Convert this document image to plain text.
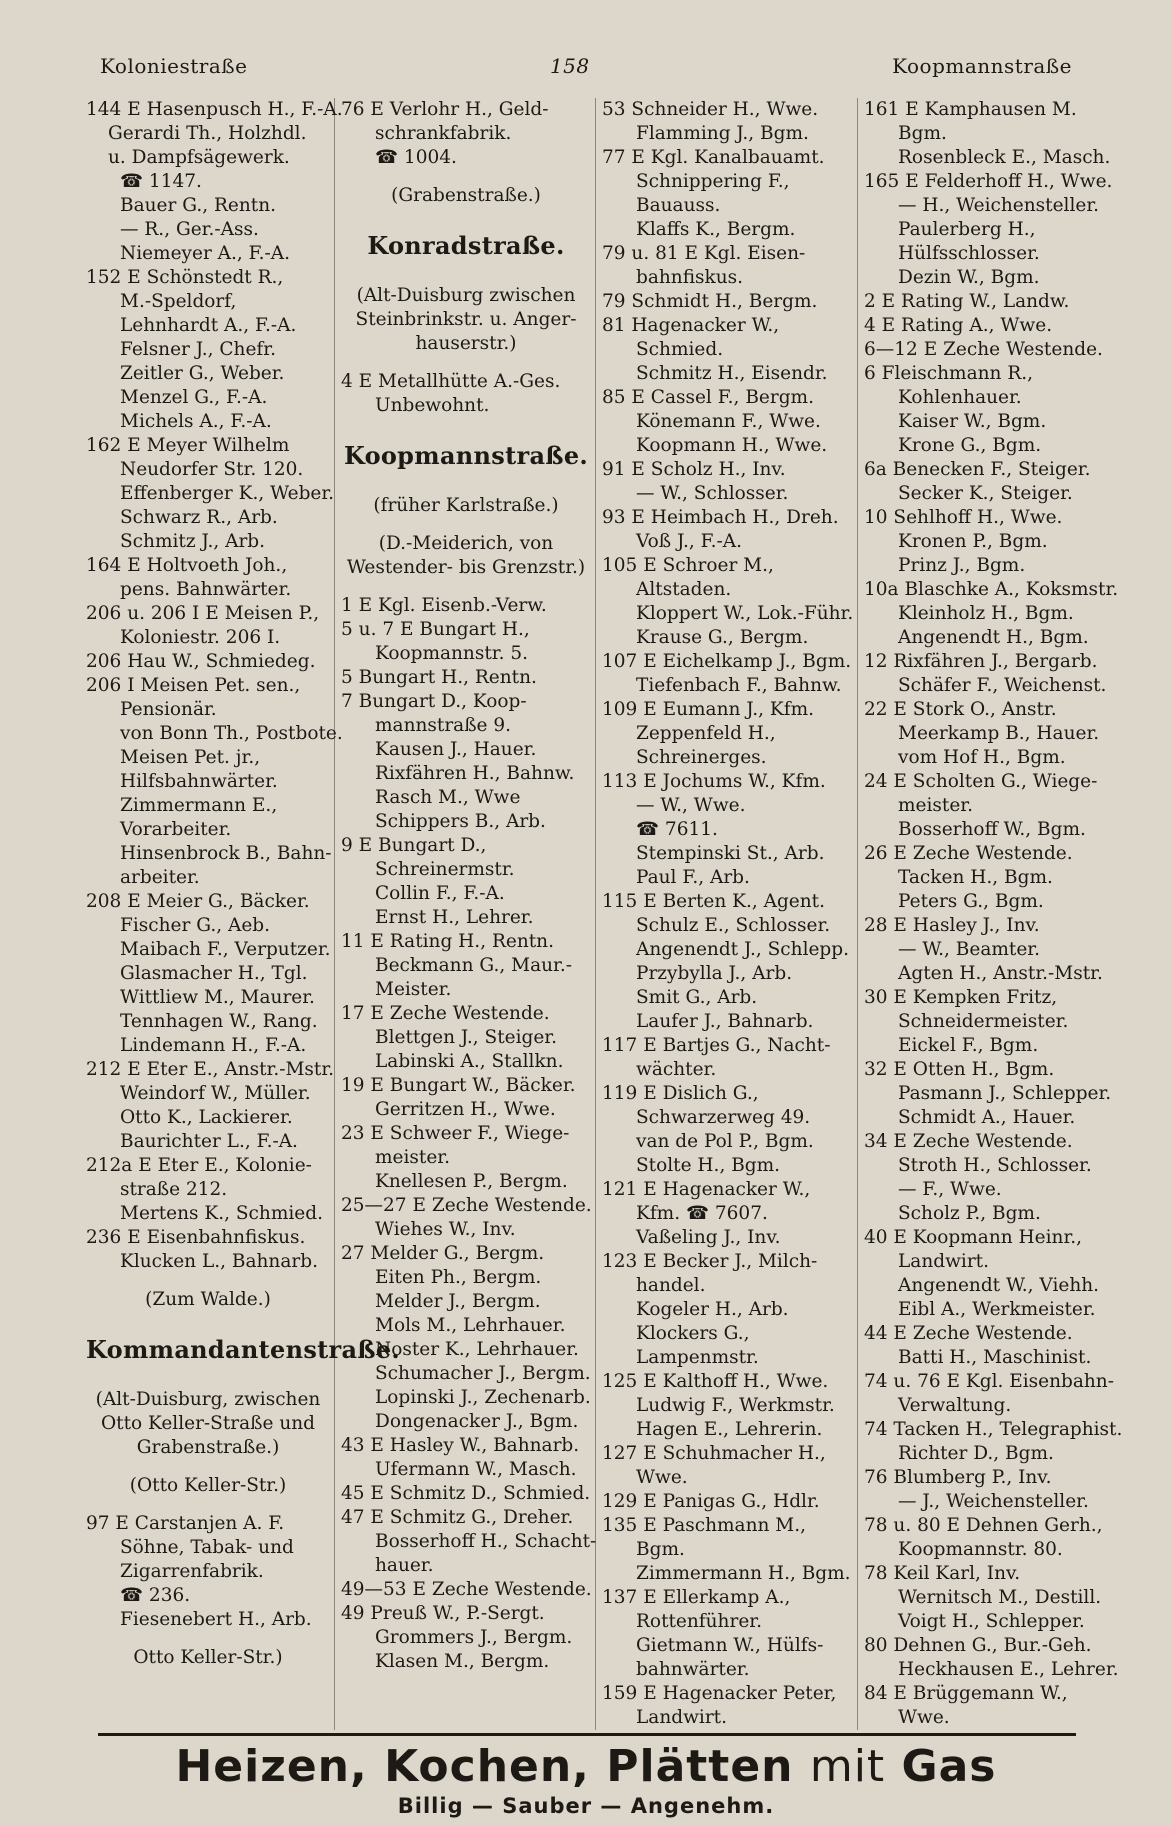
Koloniestraße	158	Koopmannstraße
144 E Hasenpusch H., F.-A.
Gerardi Th., Holzhdl.
u. Dampfsägewerk.
☎ 1147.
Bauer G., Rentn.
— R., Ger.-Ass.
Niemeyer A., F.-A.
152 E Schönstedt R.,
M.-Speldorf,
Lehnhardt A., F.-A.
Felsner J., Chefr.
Zeitler G., Weber.
Menzel G., F.-A.
Michels A., F.-A.
162 E Meyer Wilhelm
Neudorfer Str. 120.
Effenberger K., Weber.
Schwarz R., Arb.
Schmitz J., Arb.
164 E Holtvoeth Joh.,
pens. Bahnwärter.
206 u. 206 I E Meisen P.,
Koloniestr. 206 I.
206 Hau W., Schmiedeg.
206 I Meisen Pet. sen.,
Pensionär.
von Bonn Th., Postbote.
Meisen Pet. jr.,
Hilfsbahnwärter.
Zimmermann E.,
Vorarbeiter.
Hinsenbrock B., Bahn-
arbeiter.
208 E Meier G., Bäcker.
Fischer G., Aeb.
Maibach F., Verputzer.
Glasmacher H., Tgl.
Wittliew M., Maurer.
Tennhagen W., Rang.
Lindemann H., F.-A.
212 E Eter E., Anstr.-Mstr.
Weindorf W., Müller.
Otto K., Lackierer.
Baurichter L., F.-A.
212a E Eter E., Kolonie-
straße 212.
Mertens K., Schmied.
236 E Eisenbahnfiskus.
Klucken L., Bahnarb.
(Zum Walde.)
Kommandantenstraße.
(Alt-Duisburg, zwischen
Otto Keller-Straße und
Grabenstraße.)
(Otto Keller-Str.)
97 E Carstanjen A. F.
Söhne, Tabak- und
Zigarrenfabrik.
☎ 236.
Fiesenebert H., Arb.
Otto Keller-Str.)
76 E Verlohr H., Geld-
schrankfabrik.
☎ 1004.
(Grabenstraße.)
Konradstraße.
(Alt-Duisburg zwischen
Steinbrinkstr. u. Anger-
hauserstr.)
4 E Metallhütte A.-Ges.
Unbewohnt.
Koopmannstraße.
(früher Karlstraße.)
(D.-Meiderich, von
Westender- bis Grenzstr.)
1 E Kgl. Eisenb.-Verw.
5 u. 7 E Bungart H.,
Koopmannstr. 5.
5 Bungart H., Rentn.
7 Bungart D., Koop-
mannstraße 9.
Kausen J., Hauer.
Rixfähren H., Bahnw.
Rasch M., Wwe
Schippers B., Arb.
9 E Bungart D.,
Schreinermstr.
Collin F., F.-A.
Ernst H., Lehrer.
11 E Rating H., Rentn.
Beckmann G., Maur.-
Meister.
17 E Zeche Westende.
Blettgen J., Steiger.
Labinski A., Stallkn.
19 E Bungart W., Bäcker.
Gerritzen H., Wwe.
23 E Schweer F., Wiege-
meister.
Knellesen P., Bergm.
25—27 E Zeche Westende.
Wiehes W., Inv.
27 Melder G., Bergm.
Eiten Ph., Bergm.
Melder J., Bergm.
Mols M., Lehrhauer.
Noster K., Lehrhauer.
Schumacher J., Bergm.
Lopinski J., Zechenarb.
Dongenacker J., Bgm.
43 E Hasley W., Bahnarb.
Ufermann W., Masch.
45 E Schmitz D., Schmied.
47 E Schmitz G., Dreher.
Bosserhoff H., Schacht-
hauer.
49—53 E Zeche Westende.
49 Preuß W., P.-Sergt.
Grommers J., Bergm.
Klasen M., Bergm.
53 Schneider H., Wwe.
Flamming J., Bgm.
77 E Kgl. Kanalbauamt.
Schnippering F.,
Bauauss.
Klaffs K., Bergm.
79 u. 81 E Kgl. Eisen-
bahnfiskus.
79 Schmidt H., Bergm.
81 Hagenacker W.,
Schmied.
Schmitz H., Eisendr.
85 E Cassel F., Bergm.
Könemann F., Wwe.
Koopmann H., Wwe.
91 E Scholz H., Inv.
— W., Schlosser.
93 E Heimbach H., Dreh.
Voß J., F.-A.
105 E Schroer M.,
Altstaden.
Kloppert W., Lok.-Führ.
Krause G., Bergm.
107 E Eichelkamp J., Bgm.
Tiefenbach F., Bahnw.
109 E Eumann J., Kfm.
Zeppenfeld H.,
Schreinerges.
113 E Jochums W., Kfm.
— W., Wwe.
☎ 7611.
Stempinski St., Arb.
Paul F., Arb.
115 E Berten K., Agent.
Schulz E., Schlosser.
Angenendt J., Schlepp.
Przybylla J., Arb.
Smit G., Arb.
Laufer J., Bahnarb.
117 E Bartjes G., Nacht-
wächter.
119 E Dislich G.,
Schwarzerweg 49.
van de Pol P., Bgm.
Stolte H., Bgm.
121 E Hagenacker W.,
Kfm. ☎ 7607.
Vaßeling J., Inv.
123 E Becker J., Milch-
handel.
Kogeler H., Arb.
Klockers G.,
Lampenmstr.
125 E Kalthoff H., Wwe.
Ludwig F., Werkmstr.
Hagen E., Lehrerin.
127 E Schuhmacher H.,
Wwe.
129 E Panigas G., Hdlr.
135 E Paschmann M.,
Bgm.
Zimmermann H., Bgm.
137 E Ellerkamp A.,
Rottenführer.
Gietmann W., Hülfs-
bahnwärter.
159 E Hagenacker Peter,
Landwirt.
161 E Kamphausen M.
Bgm.
Rosenbleck E., Masch.
165 E Felderhoff H., Wwe.
— H., Weichensteller.
Paulerberg H.,
Hülfsschlosser.
Dezin W., Bgm.
2 E Rating W., Landw.
4 E Rating A., Wwe.
6—12 E Zeche Westende.
6 Fleischmann R.,
Kohlenhauer.
Kaiser W., Bgm.
Krone G., Bgm.
6a Benecken F., Steiger.
Secker K., Steiger.
10 Sehlhoff H., Wwe.
Kronen P., Bgm.
Prinz J., Bgm.
10a Blaschke A., Koksmstr.
Kleinholz H., Bgm.
Angenendt H., Bgm.
12 Rixfähren J., Bergarb.
Schäfer F., Weichenst.
22 E Stork O., Anstr.
Meerkamp B., Hauer.
vom Hof H., Bgm.
24 E Scholten G., Wiege-
meister.
Bosserhoff W., Bgm.
26 E Zeche Westende.
Tacken H., Bgm.
Peters G., Bgm.
28 E Hasley J., Inv.
— W., Beamter.
Agten H., Anstr.-Mstr.
30 E Kempken Fritz,
Schneidermeister.
Eickel F., Bgm.
32 E Otten H., Bgm.
Pasmann J., Schlepper.
Schmidt A., Hauer.
34 E Zeche Westende.
Stroth H., Schlosser.
— F., Wwe.
Scholz P., Bgm.
40 E Koopmann Heinr.,
Landwirt.
Angenendt W., Viehh.
Eibl A., Werkmeister.
44 E Zeche Westende.
Batti H., Maschinist.
74 u. 76 E Kgl. Eisenbahn-
Verwaltung.
74 Tacken H., Telegraphist.
Richter D., Bgm.
76 Blumberg P., Inv.
— J., Weichensteller.
78 u. 80 E Dehnen Gerh.,
Koopmannstr. 80.
78 Keil Karl, Inv.
Wernitsch M., Destill.
Voigt H., Schlepper.
80 Dehnen G., Bur.-Geh.
Heckhausen E., Lehrer.
84 E Brüggemann W.,
Wwe.
Heizen, Kochen, Plätten mit Gas
Billig — Sauber — Angenehm.
